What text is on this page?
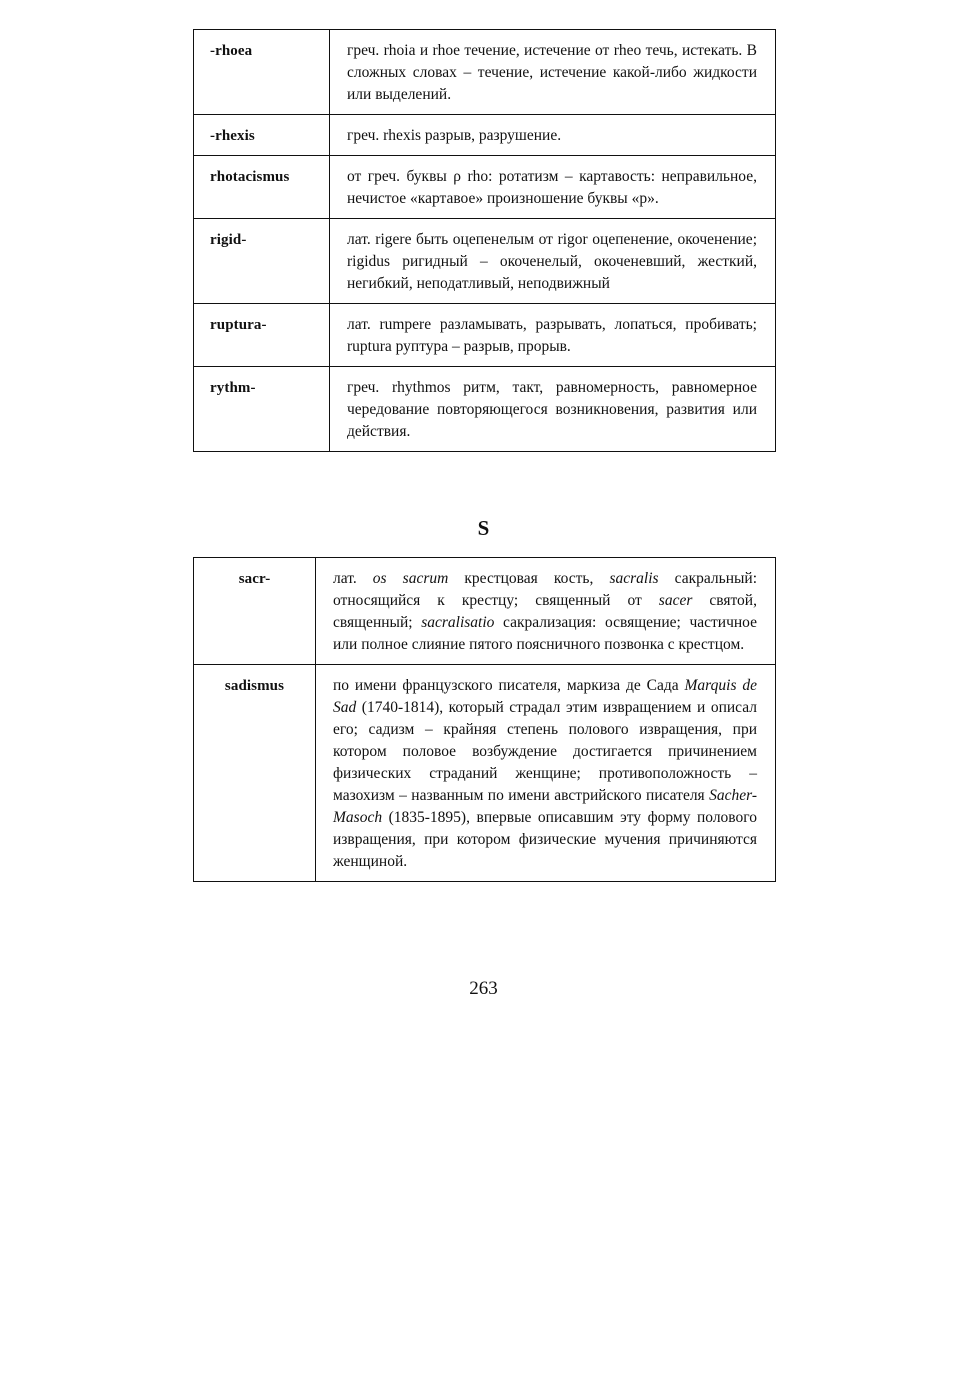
-rhoea	греч. rhoia и rhoe течение, истечение от rheo течь, истекать. В сложных словах – течение, истечение какой-либо жидкости или выделений.
-rhexis	греч. rhexis разрыв, разрушение.
rhotacismus	от греч. буквы ρ rho: ротатизм – картавость: неправильное, нечистое «картавое» произношение буквы «р».
rigid-	лат. rigere быть оцепенелым от rigor оцепенение, окоченение; rigidus ригидный – окоченелый, окоченевший, жесткий, негибкий, неподатливый, неподвижный
ruptura-	лат. rumpere разламывать, разрывать, лопаться, пробивать; ruptura руптура – разрыв, прорыв.
rythm-	греч. rhythmos ритм, такт, равномерность, равномерное чередование повторяющегося возникновения, развития или действия.
S
sacr-	лат. os sacrum крестцовая кость, sacralis сакральный: относящийся к крестцу; священный от sacer святой, священный; sacralisatio сакрализация: освящение; частичное или полное слияние пятого поясничного позвонка с крестцом.
sadismus	по имени французского писателя, маркиза де Сада Marquis de Sad (1740-1814), который страдал этим извращением и описал его; садизм – крайняя степень полового извращения, при котором половое возбуждение достигается причинением физических страданий женщине; противоположность – мазохизм – названным по имени австрийского писателя Sacher-Masoch (1835-1895), впервые описавшим эту форму полового извращения, при котором физические мучения причиняются женщиной.
263
